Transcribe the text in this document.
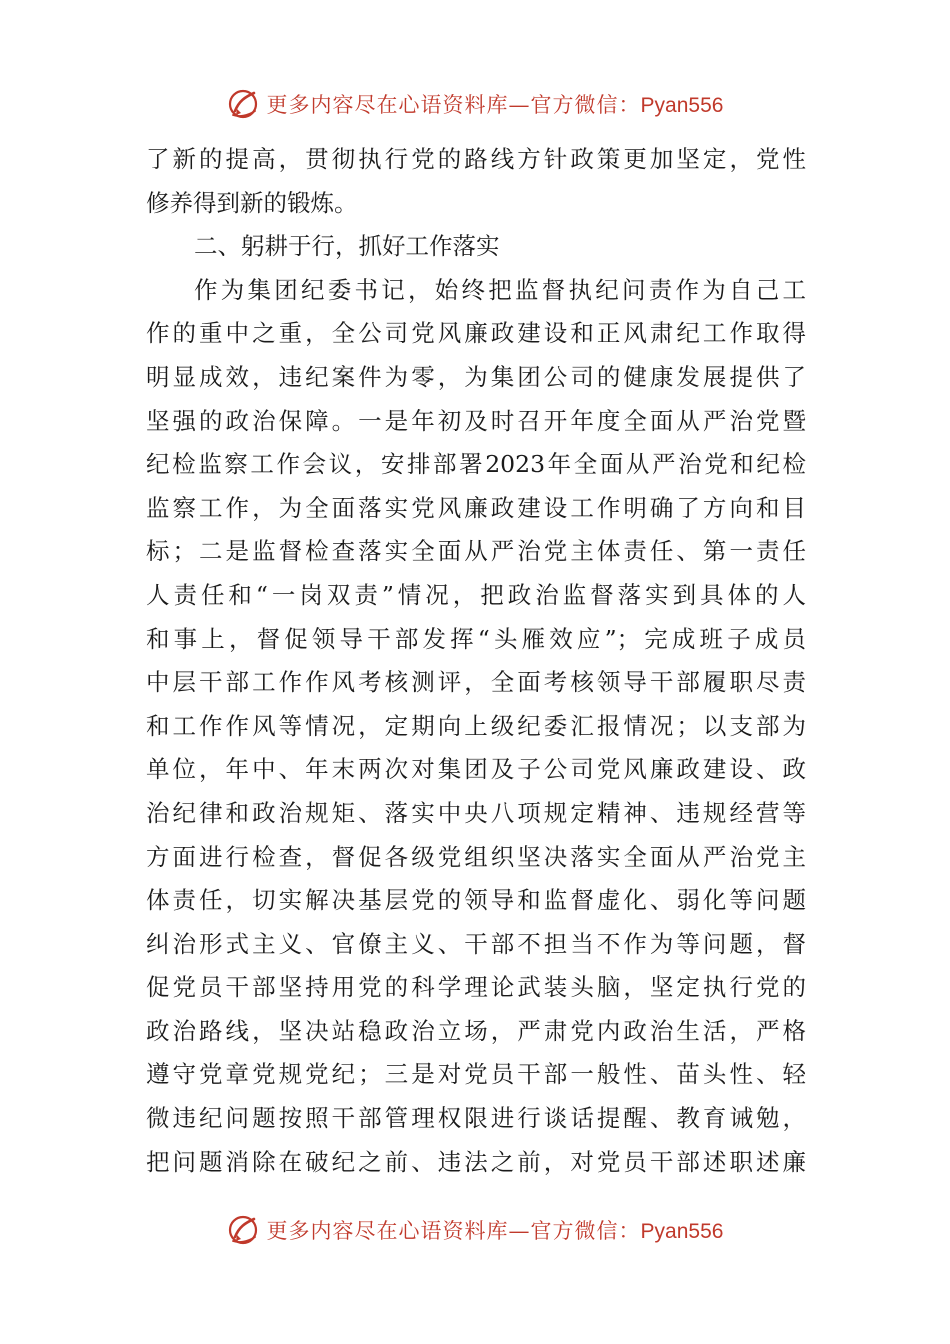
更多内容尽在心语资料库—官方微信：Pyan556
了新的提高，贯彻执行党的路线方针政策更加坚定，党性
修养得到新的锻炼。
二、躬耕于行，抓好工作落实
作为集团纪委书记，始终把监督执纪问责作为自己工
作的重中之重，全公司党风廉政建设和正风肃纪工作取得
明显成效，违纪案件为零，为集团公司的健康发展提供了
坚强的政治保障。一是年初及时召开年度全面从严治党暨
纪检监察工作会议，安排部署2023年全面从严治党和纪检
监察工作，为全面落实党风廉政建设工作明确了方向和目
标；二是监督检查落实全面从严治党主体责任、第一责任
人责任和“一岗双责”情况，把政治监督落实到具体的人
和事上，督促领导干部发挥“头雁效应”；完成班子成员
中层干部工作作风考核测评，全面考核领导干部履职尽责
和工作作风等情况，定期向上级纪委汇报情况；以支部为
单位，年中、年末两次对集团及子公司党风廉政建设、政
治纪律和政治规矩、落实中央八项规定精神、违规经营等
方面进行检查，督促各级党组织坚决落实全面从严治党主
体责任，切实解决基层党的领导和监督虚化、弱化等问题
纠治形式主义、官僚主义、干部不担当不作为等问题，督
促党员干部坚持用党的科学理论武装头脑，坚定执行党的
政治路线，坚决站稳政治立场，严肃党内政治生活，严格
遵守党章党规党纪；三是对党员干部一般性、苗头性、轻
微违纪问题按照干部管理权限进行谈话提醒、教育诫勉，
把问题消除在破纪之前、违法之前，对党员干部述职述廉
更多内容尽在心语资料库—官方微信：Pyan556
